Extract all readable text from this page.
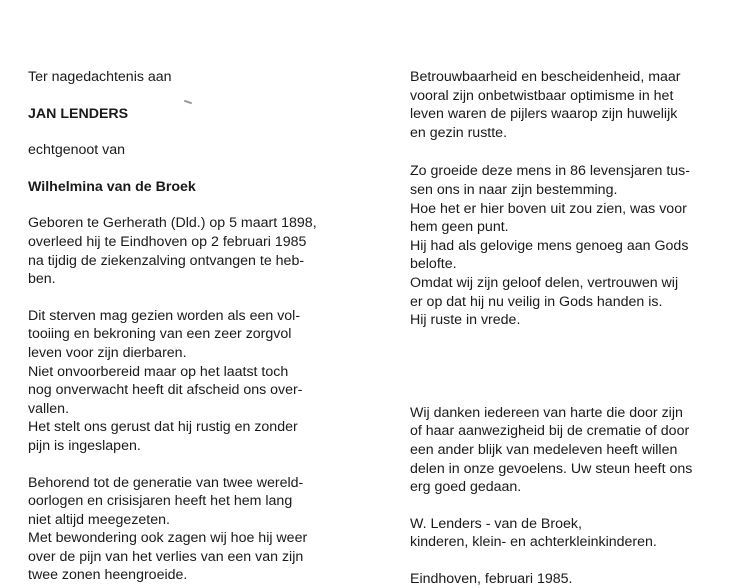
Ter nagedachtenis aan
JAN LENDERS
echtgenoot van
Wilhelmina van de Broek
Geboren te Gerherath (Dld.) op 5 maart 1898,
overleed hij te Eindhoven op 2 februari 1985
na tijdig de ziekenzalving ontvangen te heb-
ben.
Dit sterven mag gezien worden als een vol-
tooiing en bekroning van een zeer zorgvol
leven voor zijn dierbaren.
Niet onvoorbereid maar op het laatst toch
nog onverwacht heeft dit afscheid ons over-
vallen.
Het stelt ons gerust dat hij rustig en zonder
pijn is ingeslapen.
Behorend tot de generatie van twee wereld-
oorlogen en crisisjaren heeft het hem lang
niet altijd meegezeten.
Met bewondering ook zagen wij hoe hij weer
over de pijn van het verlies van een van zijn
twee zonen heengroeide.
Betrouwbaarheid en bescheidenheid, maar
vooral zijn onbetwistbaar optimisme in het
leven waren de pijlers waarop zijn huwelijk
en gezin rustte.
Zo groeide deze mens in 86 levensjaren tus-
sen ons in naar zijn bestemming.
Hoe het er hier boven uit zou zien, was voor
hem geen punt.
Hij had als gelovige mens genoeg aan Gods
belofte.
Omdat wij zijn geloof delen, vertrouwen wij
er op dat hij nu veilig in Gods handen is.
Hij ruste in vrede.
Wij danken iedereen van harte die door zijn
of haar aanwezigheid bij de crematie of door
een ander blijk van medeleven heeft willen
delen in onze gevoelens. Uw steun heeft ons
erg goed gedaan.
W. Lenders - van de Broek,
kinderen, klein- en achterkleinkinderen.
Eindhoven, februari 1985.
